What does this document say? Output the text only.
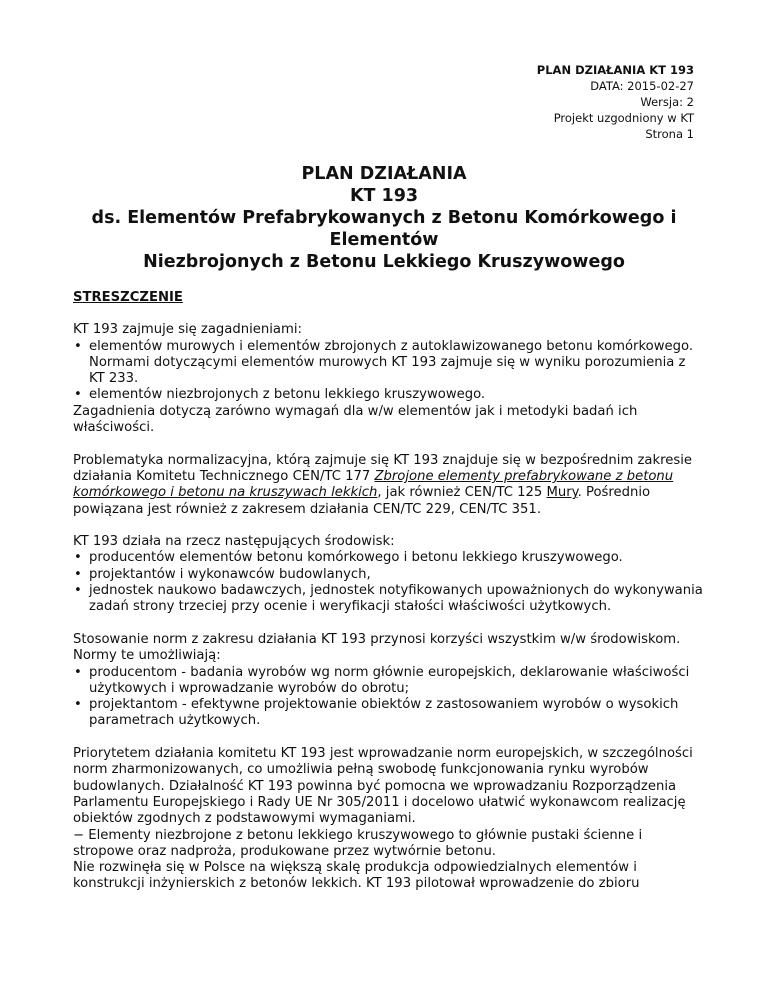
PLAN DZIAŁANIA KT 193
DATA: 2015-02-27
Wersja: 2
Projekt uzgodniony w KT
Strona 1
PLAN DZIAŁANIA
KT 193
ds. Elementów Prefabrykowanych z Betonu Komórkowego i Elementów
Niezbrojonych z Betonu Lekkiego Kruszywowego

STRESZCZENIE

KT 193 zajmuje się zagadnieniami:

• elementów murowych i elementów zbrojonych z autoklawizowanego betonu komórkowego. Normami dotyczącymi elementów murowych KT 193 zajmuje się w wyniku porozumienia z KT 233.

• elementów niezbrojonych z betonu lekkiego kruszywowego.

Zagadnienia dotyczą zarówno wymagań dla w/w elementów jak i metodyki badań ich właściwości.

Problematyka normalizacyjna, którą zajmuje się KT 193 znajduje się w bezpośrednim zakresie działania Komitetu Technicznego CEN/TC 177 Zbrojone elementy prefabrykowane z betonu komórkowego i betonu na kruszywach lekkich, jak również CEN/TC 125 Mury. Pośrednio powiązana jest również z zakresem działania CEN/TC 229, CEN/TC 351.

KT 193 działa na rzecz następujących środowisk:

• producentów elementów betonu komórkowego i betonu lekkiego kruszywowego.

• projektantów i wykonawców budowlanych,

• jednostek naukowo badawczych, jednostek notyfikowanych upoważnionych do wykonywania zadań strony trzeciej przy ocenie i weryfikacji stałości właściwości użytkowych.

Stosowanie norm z zakresu działania KT 193 przynosi korzyści wszystkim w/w środowiskom. Normy te umożliwiają:

• producentom - badania wyrobów wg norm głównie europejskich, deklarowanie właściwości użytkowych i wprowadzanie wyrobów do obrotu;

• projektantom - efektywne projektowanie obiektów z zastosowaniem wyrobów o wysokich parametrach użytkowych.

Priorytetem działania komitetu KT 193 jest wprowadzanie norm europejskich, w szczególności norm zharmonizowanych, co umożliwia pełną swobodę funkcjonowania rynku wyrobów budowlanych. Działalność KT 193 powinna być pomocna we wprowadzaniu Rozporządzenia Parlamentu Europejskiego i Rady UE Nr 305/2011 i docelowo ułatwić wykonawcom realizację obiektów zgodnych z podstawowymi wymaganiami.

− Elementy niezbrojone z betonu lekkiego kruszywowego to głównie pustaki ścienne i stropowe oraz nadproża, produkowane przez wytwórnie betonu.

Nie rozwinęła się w Polsce na większą skalę produkcja odpowiedzialnych elementów i konstrukcji inżynierskich z betonów lekkich. KT 193 pilotował wprowadzenie do zbioru
